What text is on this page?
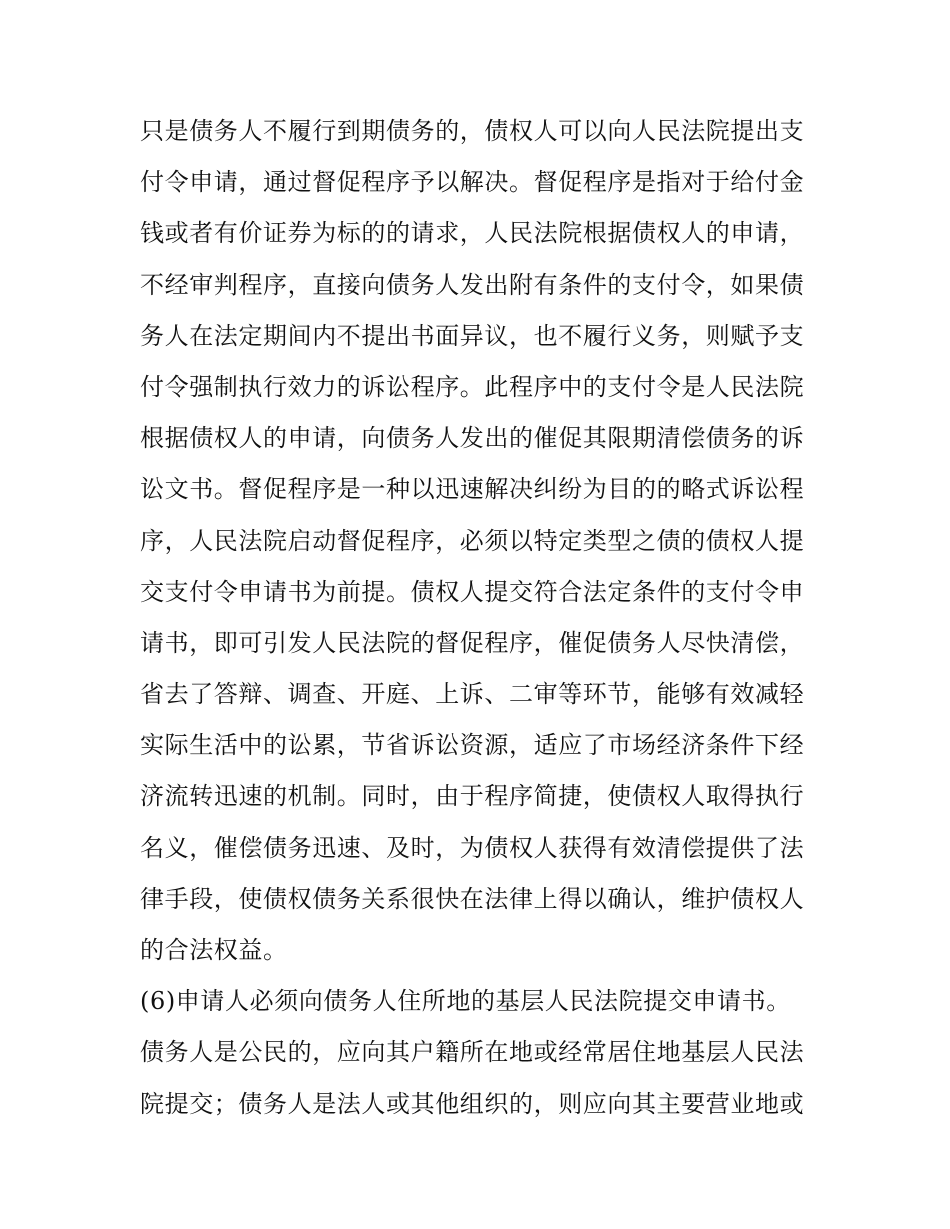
只是债务人不履行到期债务的，债权人可以向人民法院提出支
付令申请，通过督促程序予以解决。督促程序是指对于给付金
钱或者有价证券为标的的请求，人民法院根据债权人的申请，
不经审判程序，直接向债务人发出附有条件的支付令，如果债
务人在法定期间内不提出书面异议，也不履行义务，则赋予支
付令强制执行效力的诉讼程序。此程序中的支付令是人民法院
根据债权人的申请，向债务人发出的催促其限期清偿债务的诉
讼文书。督促程序是一种以迅速解决纠纷为目的的略式诉讼程
序，人民法院启动督促程序，必须以特定类型之债的债权人提
交支付令申请书为前提。债权人提交符合法定条件的支付令申
请书，即可引发人民法院的督促程序，催促债务人尽快清偿，
省去了答辩、调查、开庭、上诉、二审等环节，能够有效减轻
实际生活中的讼累，节省诉讼资源，适应了市场经济条件下经
济流转迅速的机制。同时，由于程序简捷，使债权人取得执行
名义，催偿债务迅速、及时，为债权人获得有效清偿提供了法
律手段，使债权债务关系很快在法律上得以确认，维护债权人
的合法权益。
(6)申请人必须向债务人住所地的基层人民法院提交申请书。
债务人是公民的，应向其户籍所在地或经常居住地基层人民法
院提交；债务人是法人或其他组织的，则应向其主要营业地或
